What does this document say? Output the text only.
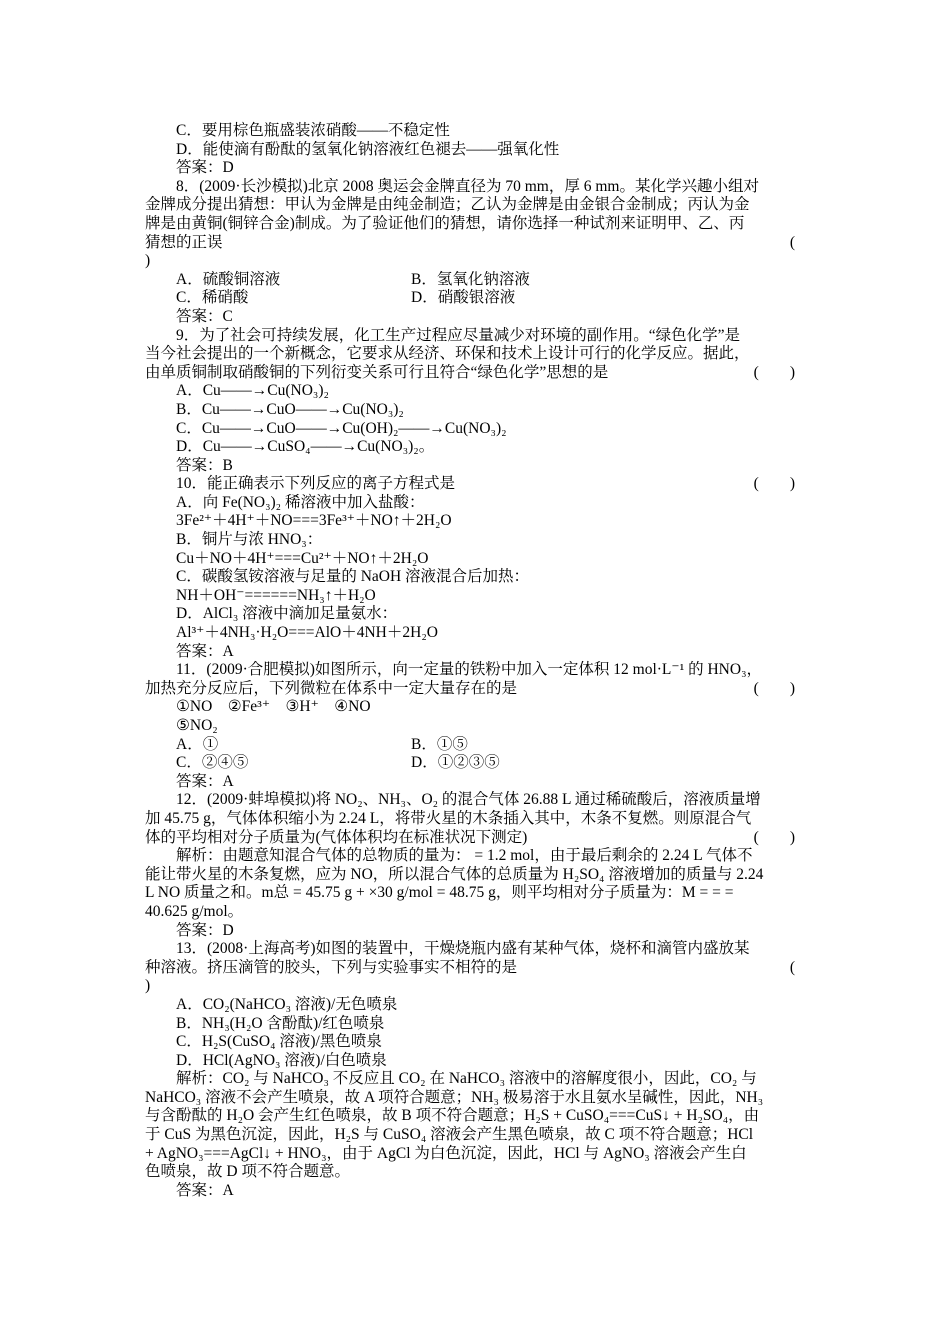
C．要用棕色瓶盛装浓硝酸——不稳定性
D．能使滴有酚酞的氢氧化钠溶液红色褪去——强氧化性
答案：D
8．(2009·长沙模拟)北京 2008 奥运会金牌直径为 70 mm，厚 6 mm。某化学兴趣小组对
金牌成分提出猜想：甲认为金牌是由纯金制造；乙认为金牌是由金银合金制成；丙认为金
牌是由黄铜(铜锌合金)制成。为了验证他们的猜想，请你选择一种试剂来证明甲、乙、丙
猜想的正误	(
)
A．硫酸铜溶液	B．氢氧化钠溶液
C．稀硝酸	D．硝酸银溶液
答案：C
9．为了社会可持续发展，化工生产过程应尽量减少对环境的副作用。“绿色化学”是
当今社会提出的一个新概念，它要求从经济、环保和技术上设计可行的化学反应。据此，
由单质铜制取硝酸铜的下列衍变关系可行且符合“绿色化学”思想的是	(　　)
A．Cu——→Cu(NO₃)₂
B．Cu——→CuO——→Cu(NO₃)₂
C．Cu——→CuO——→Cu(OH)₂——→Cu(NO₃)₂
D．Cu——→CuSO₄——→Cu(NO₃)₂。
答案：B
10．能正确表示下列反应的离子方程式是	(　　)
A．向 Fe(NO₃)₂ 稀溶液中加入盐酸：
3Fe²⁺＋4H⁺＋NO===3Fe³⁺＋NO↑＋2H₂O
B．铜片与浓 HNO₃：
Cu＋NO＋4H⁺===Cu²⁺＋NO↑＋2H₂O
C．碳酸氢铵溶液与足量的 NaOH 溶液混合后加热：
NH＋OH⁻======NH₃↑＋H₂O
D．AlCl₃ 溶液中滴加足量氨水：
Al³⁺＋4NH₃·H₂O===AlO＋4NH＋2H₂O
答案：A
11．(2009·合肥模拟)如图所示，向一定量的铁粉中加入一定体积 12 mol·L⁻¹ 的 HNO₃，
加热充分反应后，下列微粒在体系中一定大量存在的是	(　　)
①NO　②Fe³⁺　③H⁺　④NO
⑤NO₂
A．①	B．①⑤
C．②④⑤	D．①②③⑤
答案：A
12．(2009·蚌埠模拟)将 NO₂、NH₃、O₂ 的混合气体 26.88 L 通过稀硫酸后，溶液质量增
加 45.75 g，气体体积缩小为 2.24 L，将带火星的木条插入其中，木条不复燃。则原混合气
体的平均相对分子质量为(气体体积均在标准状况下测定)	(　　)
解析：由题意知混合气体的总物质的量为： = 1.2 mol，由于最后剩余的 2.24 L 气体不
能让带火星的木条复燃，应为 NO，所以混合气体的总质量为 H₂SO₄ 溶液增加的质量与 2.24
L NO 质量之和。m总 = 45.75 g + ×30 g/mol = 48.75 g，则平均相对分子质量为：M = = =
40.625 g/mol。
答案：D
13．(2008·上海高考)如图的装置中，干燥烧瓶内盛有某种气体，烧杯和滴管内盛放某
种溶液。挤压滴管的胶头，下列与实验事实不相符的是	(
)
A．CO₂(NaHCO₃ 溶液)/无色喷泉
B．NH₃(H₂O 含酚酞)/红色喷泉
C．H₂S(CuSO₄ 溶液)/黑色喷泉
D．HCl(AgNO₃ 溶液)/白色喷泉
解析：CO₂ 与 NaHCO₃ 不反应且 CO₂ 在 NaHCO₃ 溶液中的溶解度很小，因此，CO₂ 与
NaHCO₃ 溶液不会产生喷泉，故 A 项符合题意；NH₃ 极易溶于水且氨水呈碱性，因此，NH₃
与含酚酞的 H₂O 会产生红色喷泉，故 B 项不符合题意；H₂S + CuSO₄===CuS↓ + H₂SO₄，由
于 CuS 为黑色沉淀，因此，H₂S 与 CuSO₄ 溶液会产生黑色喷泉，故 C 项不符合题意；HCl
+ AgNO₃===AgCl↓ + HNO₃，由于 AgCl 为白色沉淀，因此，HCl 与 AgNO₃ 溶液会产生白
色喷泉，故 D 项不符合题意。
答案：A
